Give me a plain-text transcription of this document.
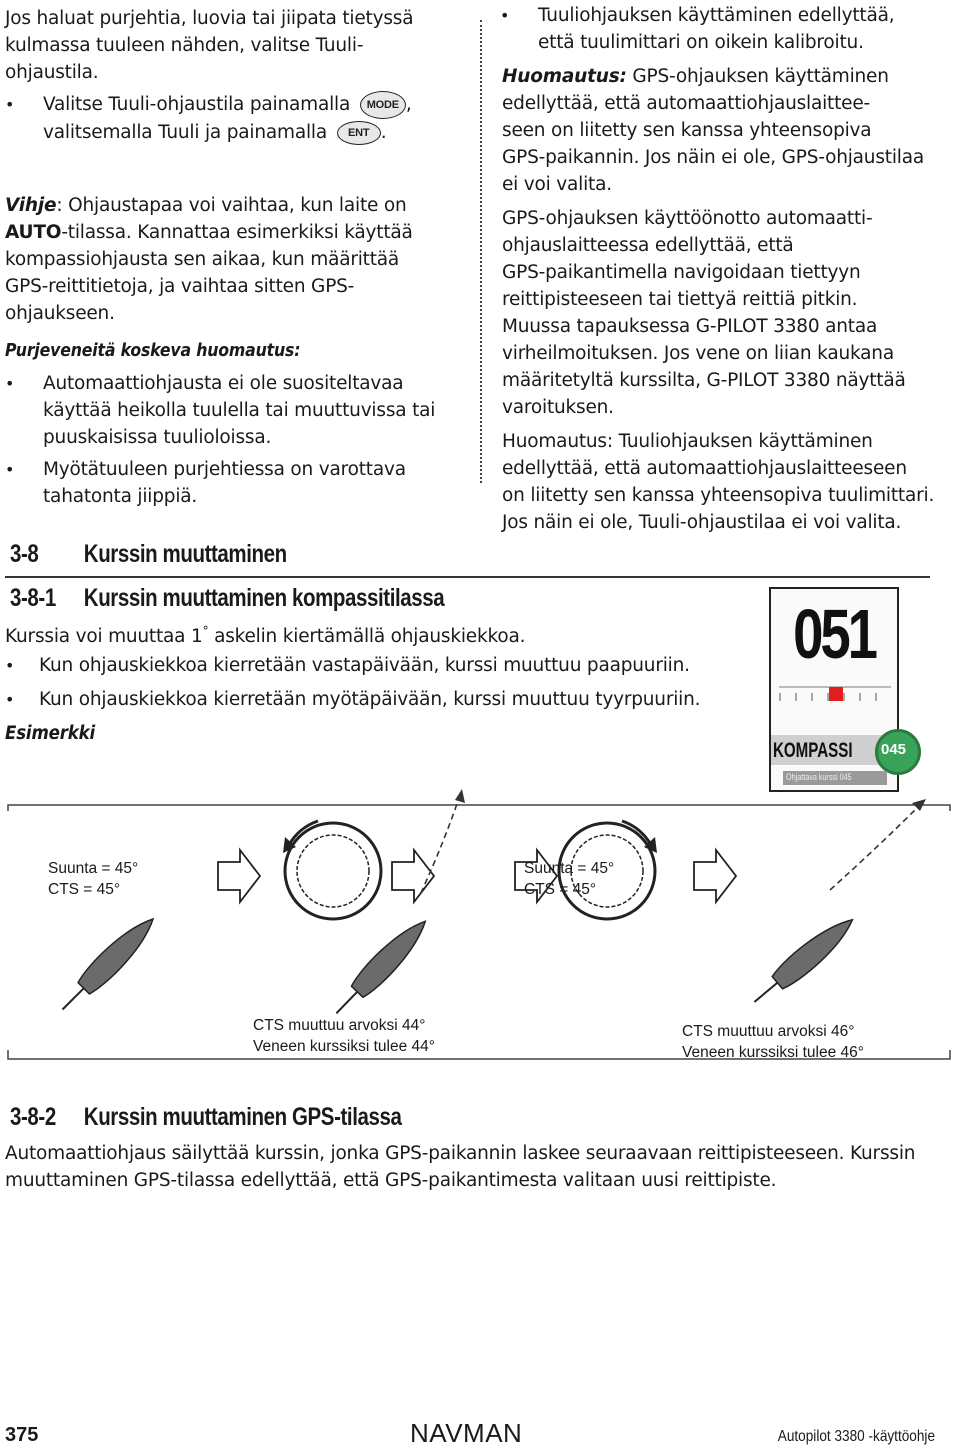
Jos haluat purjehtia, luovia tai jiipata tietyssä
kulmassa tuuleen nähden, valitse Tuuli-
ohjaustila.
• Valitse Tuuli-ohjaustila painamalla MODE ,
valitsemalla Tuuli ja painamalla ENT .
Vihje: Ohjaustapaa voi vaihtaa, kun laite on
AUTO-tilassa. Kannattaa esimerkiksi käyttää
kompassiohjausta sen aikaa, kun määrittää
GPS-reittitietoja, ja vaihtaa sitten GPS-
ohjaukseen.
Purjeveneitä koskeva huomautus:
• Automaattiohjausta ei ole suositeltavaa
käyttää heikolla tuulella tai muuttuvissa tai
puuskaisissa tuulioloissa.
• Myötätuuleen purjehtiessa on varottava
tahatonta jiippiä.
• Tuuliohjauksen käyttäminen edellyttää,
että tuulimittari on oikein kalibroitu.
Huomautus: GPS-ohjauksen käyttäminen
edellyttää, että automaattiohjauslaittee-
seen on liitetty sen kanssa yhteensopiva
GPS-paikannin. Jos näin ei ole, GPS-ohjaustilaa
ei voi valita.
GPS-ohjauksen käyttöönotto automaatti-
ohjauslaitteessa edellyttää, että
GPS-paikantimella navigoidaan tiettyyn
reittipisteeseen tai tiettyä reittiä pitkin.
Muussa tapauksessa G-PILOT 3380 antaa
virheilmoituksen. Jos vene on liian kaukana
määritetyltä kurssilta, G-PILOT 3380 näyttää
varoituksen.
Huomautus: Tuuliohjauksen käyttäminen
edellyttää, että automaattiohjauslaitteeseen
on liitetty sen kanssa yhteensopiva tuulimittari.
Jos näin ei ole, Tuuli-ohjaustilaa ei voi valita.
3-8 Kurssin muuttaminen
3-8-1 Kurssin muuttaminen kompassitilassa
Kurssia voi muuttaa 1° askelin kiertämällä ohjauskiekkoa.
• Kun ohjauskiekkoa kierretään vastapäivään, kurssi muuttuu paapuuriin.
• Kun ohjauskiekkoa kierretään myötäpäivään, kurssi muuttuu tyyrpuuriin.
Esimerkki
051
KOMPASSI 045
Ohjattava kurssi 045
Suunta = 45°
CTS = 45°
Suunta = 45°
CTS = 45°
CTS muuttuu arvoksi 44°
Veneen kurssiksi tulee 44°
CTS muuttuu arvoksi 46°
Veneen kurssiksi tulee 46°
3-8-2 Kurssin muuttaminen GPS-tilassa
Automaattiohjaus säilyttää kurssin, jonka GPS-paikannin laskee seuraavaan reittipisteeseen. Kurssin
muuttaminen GPS-tilassa edellyttää, että GPS-paikantimesta valitaan uusi reittipiste.
375	NAVMAN	Autopilot 3380 -käyttöohje
